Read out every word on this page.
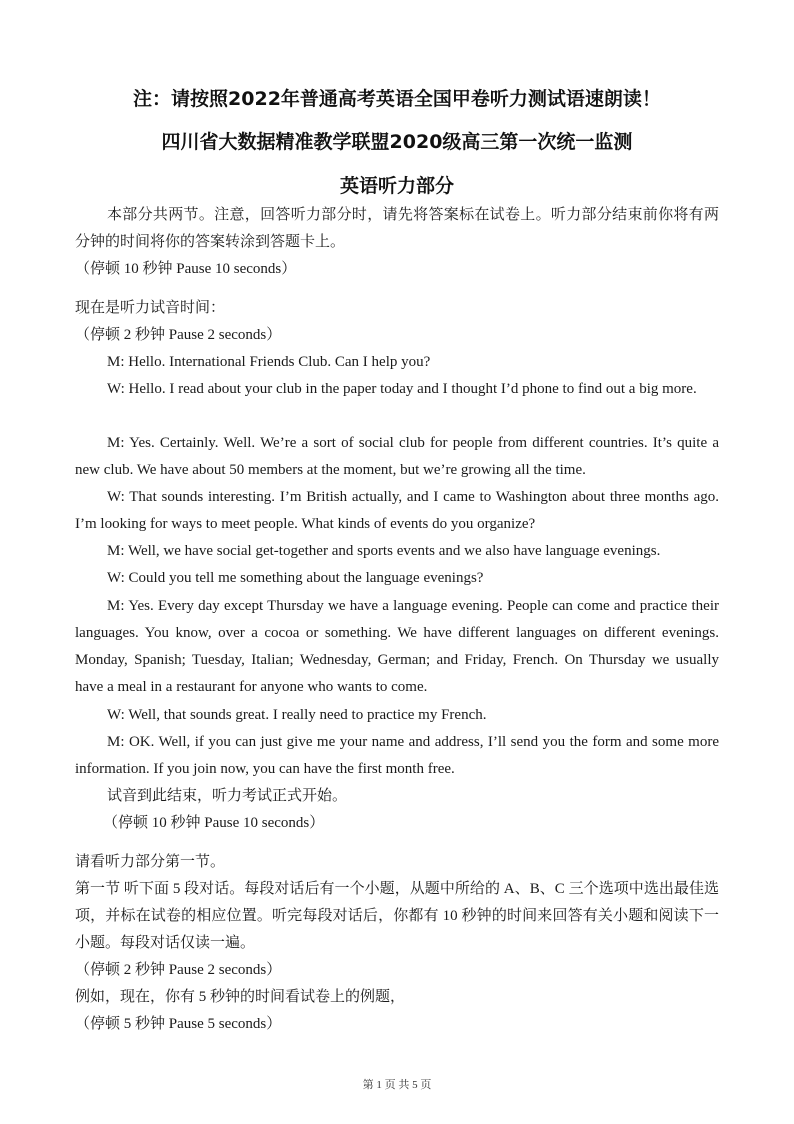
注：请按照2022年普通高考英语全国甲卷听力测试语速朗读！
四川省大数据精准教学联盟2020级高三第一次统一监测
英语听力部分
本部分共两节。注意，回答听力部分时，请先将答案标在试卷上。听力部分结束前你将有两分钟的时间将你的答案转涂到答题卡上。
（停顿 10 秒钟 Pause 10 seconds）
现在是听力试音时间：
（停顿 2 秒钟 Pause 2 seconds）
M: Hello. International Friends Club. Can I help you?
W: Hello. I read about your club in the paper today and I thought I’d phone to find out a big more.
M: Yes. Certainly. Well. We’re a sort of social club for people from different countries. It’s quite a new club. We have about 50 members at the moment, but we’re growing all the time.
W: That sounds interesting. I’m British actually, and I came to Washington about three months ago. I’m looking for ways to meet people. What kinds of events do you organize?
M: Well, we have social get-together and sports events and we also have language evenings.
W: Could you tell me something about the language evenings?
M: Yes. Every day except Thursday we have a language evening. People can come and practice their languages. You know, over a cocoa or something. We have different languages on different evenings. Monday, Spanish; Tuesday, Italian; Wednesday, German; and Friday, French. On Thursday we usually have a meal in a restaurant for anyone who wants to come.
W: Well, that sounds great. I really need to practice my French.
M: OK. Well, if you can just give me your name and address, I’ll send you the form and some more information. If you join now, you can have the first month free.
试音到此结束，听力考试正式开始。
（停顿 10 秒钟 Pause 10 seconds）
请看听力部分第一节。
第一节 听下面 5 段对话。每段对话后有一个小题，从题中所给的 A、B、C 三个选项中选出最佳选项，并标在试卷的相应位置。听完每段对话后，你都有 10 秒钟的时间来回答有关小题和阅读下一小题。每段对话仅读一遍。
（停顿 2 秒钟 Pause 2 seconds）
例如，现在，你有 5 秒钟的时间看试卷上的例题，
（停顿 5 秒钟 Pause 5 seconds）
第 1 页 共 5 页
